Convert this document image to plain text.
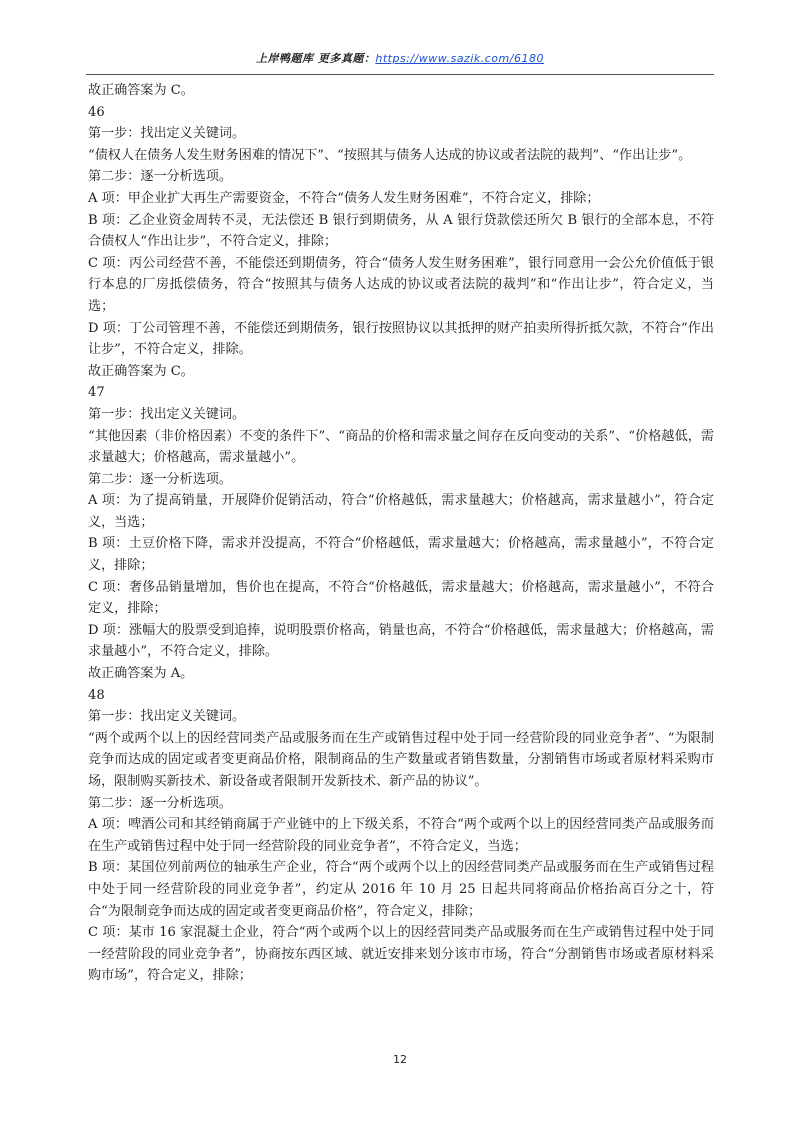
上岸鸭题库 更多真题：https://www.sazik.com/6180

故正确答案为 C。

46

第一步：找出定义关键词。

“债权人在债务人发生财务困难的情况下”、“按照其与债务人达成的协议或者法院的裁判”、“作出让步”。

第二步：逐一分析选项。

A 项：甲企业扩大再生产需要资金，不符合“债务人发生财务困难”，不符合定义，排除；

B 项：乙企业资金周转不灵，无法偿还 B 银行到期债务，从 A 银行贷款偿还所欠 B 银行的全部本息，不符合债权人“作出让步”，不符合定义，排除；

C 项：丙公司经营不善，不能偿还到期债务，符合“债务人发生财务困难”，银行同意用一会公允价值低于银行本息的厂房抵偿债务，符合“按照其与债务人达成的协议或者法院的裁判”和“作出让步”，符合定义，当选；

D 项：丁公司管理不善，不能偿还到期债务，银行按照协议以其抵押的财产拍卖所得折抵欠款，不符合“作出让步”，不符合定义，排除。

故正确答案为 C。

47

第一步：找出定义关键词。

“其他因素（非价格因素）不变的条件下”、“商品的价格和需求量之间存在反向变动的关系”、“价格越低，需求量越大；价格越高，需求量越小”。

第二步：逐一分析选项。

A 项：为了提高销量，开展降价促销活动，符合“价格越低，需求量越大；价格越高，需求量越小”，符合定义，当选；

B 项：土豆价格下降，需求并没提高，不符合“价格越低，需求量越大；价格越高，需求量越小”，不符合定义，排除；

C 项：奢侈品销量增加，售价也在提高，不符合“价格越低，需求量越大；价格越高，需求量越小”，不符合定义，排除；

D 项：涨幅大的股票受到追捧，说明股票价格高，销量也高，不符合“价格越低，需求量越大；价格越高，需求量越小”，不符合定义，排除。

故正确答案为 A。

48

第一步：找出定义关键词。

“两个或两个以上的因经营同类产品或服务而在生产或销售过程中处于同一经营阶段的同业竞争者”、“为限制竞争而达成的固定或者变更商品价格，限制商品的生产数量或者销售数量，分割销售市场或者原材料采购市场，限制购买新技术、新设备或者限制开发新技术、新产品的协议”。

第二步：逐一分析选项。

A 项：啤酒公司和其经销商属于产业链中的上下级关系，不符合“两个或两个以上的因经营同类产品或服务而在生产或销售过程中处于同一经营阶段的同业竞争者”，不符合定义，当选；

B 项：某国位列前两位的轴承生产企业，符合“两个或两个以上的因经营同类产品或服务而在生产或销售过程中处于同一经营阶段的同业竞争者”，约定从 2016 年 10 月 25 日起共同将商品价格抬高百分之十，符合“为限制竞争而达成的固定或者变更商品价格”，符合定义，排除；

C 项：某市 16 家混凝土企业，符合“两个或两个以上的因经营同类产品或服务而在生产或销售过程中处于同一经营阶段的同业竞争者”，协商按东西区域、就近安排来划分该市市场，符合“分割销售市场或者原材料采购市场”，符合定义，排除；

12
